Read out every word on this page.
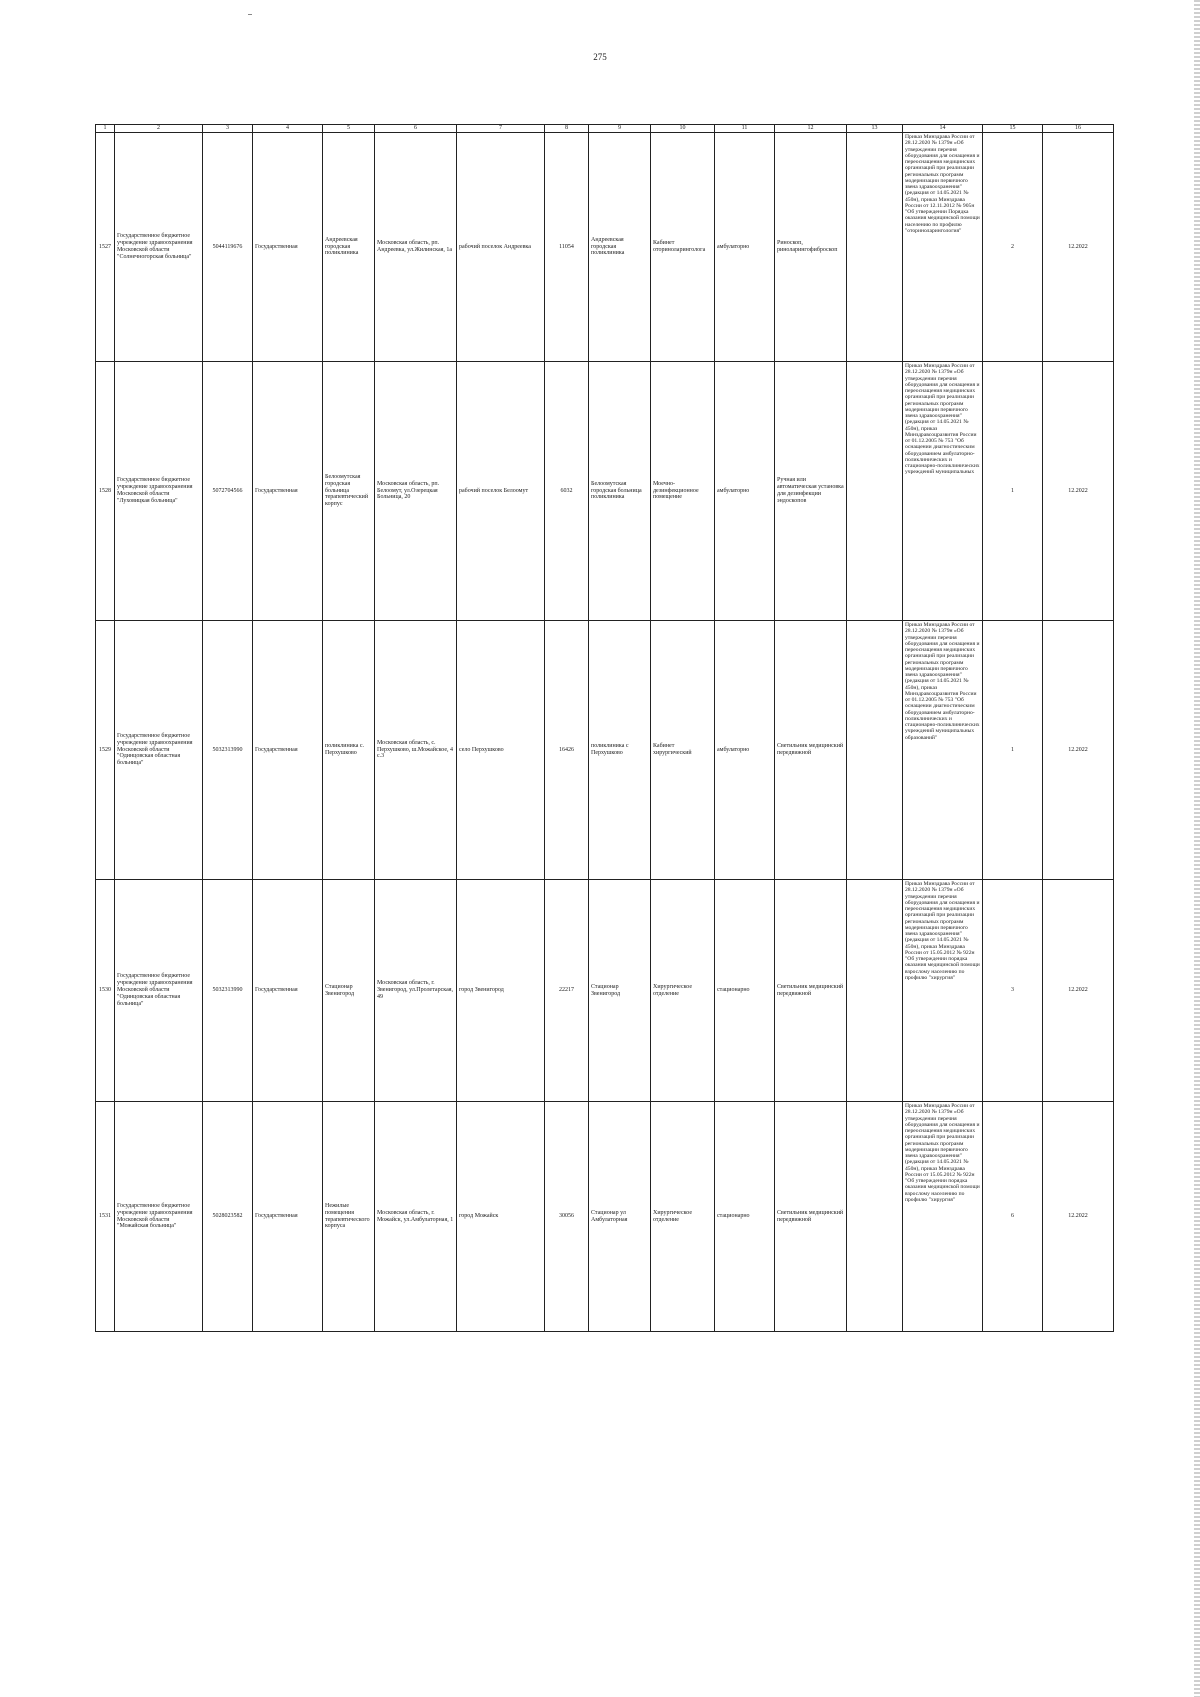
275
1	2	3	4	5	6	7	8	9	10	11	12	13	14	15	16
1527	Государственное бюджетное учреждение здравоохранения Московской области "Солнечногорская больница"	5044119676	Государственная	Андреевская городская поликлиника	Московская область, рп. Андреевка, ул.Жилинская, 1а	рабочий поселок Андреевка	11054	Андреевская городская поликлиника	Кабинет оториноларинголога	амбулаторно	Риноскоп, риноларингофиброскоп		Приказ Минздрава России от 28.12.2020 № 1379н «Об утверждении перечня оборудования для оснащения и переоснащения медицинских организаций при реализации региональных программ модернизации первичного звена здравоохранения"(редакция от 14.05.2021 № 450н), приказ Минздрава России от 12.11.2012 № 905н "Об утверждении Порядка оказания медицинской помощи населению по профилю "оториноларингология"	2	12.2022
1528	Государственное бюджетное учреждение здравоохранения Московской области "Луховицкая больница"	5072704566	Государственная	Белоомутская городская больница терапевтический корпус	Московская область, рп. Белоомут, ул.Озерецкая Больница, 20	рабочий поселок Белоомут	6032	Белоомутская городская больница поликлиника	Моечно-дезинфекционное помещение	амбулаторно	Ручная или автоматическая установка для дезинфекции эндоскопов		Приказ Минздрава России от 28.12.2020 № 1379н «Об утверждении перечня оборудования для оснащения и переоснащения медицинских организаций при реализации региональных программ модернизации первичного звена здравоохранения"(редакция от 14.05.2021 № 450н), приказ Минздравсоцразвития России от 01.12.2005 № 753 "Об оснащении диагностическим оборудованием амбулаторно-поликлинических и стационарно-поликлинических учреждений муниципальных	1	12.2022
1529	Государственное бюджетное учреждение здравоохранения Московской области "Одинцовская областная больница"	5032313990	Государственная	поликлиника с. Перхушково	Московская область, с. Перхушково, ш.Можайское, 4 с.3	село Перхушково	16426	поликлиника с Перхушково	Кабинет хирургический	амбулаторно	Светильник медицинский передвижной		Приказ Минздрава России от 28.12.2020 № 1379н «Об утверждении перечня оборудования для оснащения и переоснащения медицинских организаций при реализации региональных программ модернизации первичного звена здравоохранения"(редакция от 14.05.2021 № 450н), приказ Минздравсоцразвития России от 01.12.2005 № 753 "Об оснащении диагностическим оборудованием амбулаторно-поликлинических и стационарно-поликлинических учреждений муниципальных образований"	1	12.2022
1530	Государственное бюджетное учреждение здравоохранения Московской области "Одинцовская областная больница"	5032313990	Государственная	Стационар Звенигород	Московская область, г. Звенигород, ул.Пролетарская, 49	город Звенигород	22217	Стационар Звенигород	Хирургическое отделение	стационарно	Светильник медицинский передвижной		Приказ Минздрава России от 28.12.2020 № 1379н «Об утверждении перечня оборудования для оснащения и переоснащения медицинских организаций при реализации региональных программ модернизации первичного звена здравоохранения"(редакция от 14.05.2021 № 450н), приказ Минздрава России от 15.05.2012 № 922н "Об утверждении порядка оказания медицинской помощи взрослому населению по профилю "хирургия"	3	12.2022
1531	Государственное бюджетное учреждение здравоохранения Московской области "Можайская больница"	5028023582	Государственная	Нежилые помещения терапевтического корпуса	Московская область, г. Можайск, ул.Амбулаторная, 1	город Можайск	30056	Стационар ул Амбулаторная	Хирургическое отделение	стационарно	Светильник медицинский передвижной		Приказ Минздрава России от 28.12.2020 № 1379н «Об утверждении перечня оборудования для оснащения и переоснащения медицинских организаций при реализации региональных программ модернизации первичного звена здравоохранения"(редакция от 14.05.2021 № 450н), приказ Минздрава России от 15.05.2012 № 922н "Об утверждении порядка оказания медицинской помощи взрослому населению по профилю "хирургия"	6	12.2022
